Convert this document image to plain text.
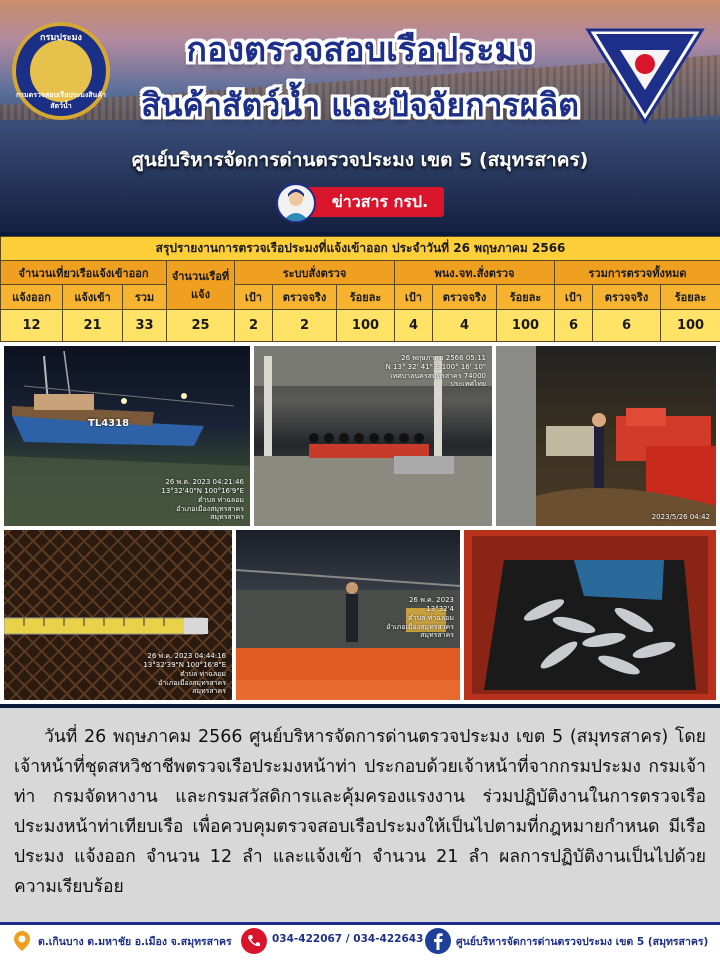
กรมประมง
กรมตรวจสอบเรือประมงสินค้าสัตว์น้ำ
กองตรวจสอบเรือประมง
สินค้าสัตว์น้ำ และปัจจัยการผลิต
ศูนย์บริหารจัดการด่านตรวจประมง เขต 5 (สมุทรสาคร)
ข่าวสาร กรป.
สรุปรายงานการตรวจเรือประมงที่แจ้งเข้าออก ประจำวันที่ 26 พฤษภาคม 2566												
จำนวนเที่ยวเรือแจ้งเข้าออก			จำนวนเรือที่แจ้ง	ระบบสั่งตรวจ			พนง.จท.สั่งตรวจ			รวมการตรวจทั้งหมด		
แจ้งออก	แจ้งเข้า	รวม		เป้า	ตรวจจริง	ร้อยละ	เป้า	ตรวจจริง	ร้อยละ	เป้า	ตรวจจริง	ร้อยละ
12	21	33	25	2	2	100	4	4	100	6	6	100
TL4318
26 พ.ค. 2023 04:21:46
13°32'40"N 100°16'9"E
ตำบล ท่าฉลอม
อำเภอเมืองสมุทรสาคร
สมุทรสาคร
26 พฤษภาคม 2566 05:11
N 13° 32' 41" E 100° 16' 10"
เทศบาลนครสมุทรสาคร 74000
ประเทศไทย
2023/5/26 04:42
26 พ.ค. 2023 04:44:16
13°32'39"N 100°16'8"E
ตำบล ท่าฉลอม
อำเภอเมืองสมุทรสาคร
สมุทรสาคร
26 พ.ค. 2023
13°32'4
ตำบล ท่าฉลอม
อำเภอเมืองสมุทรสาคร
สมุทรสาคร

วันที่ 26 พฤษภาคม 2566 ศูนย์บริหารจัดการด่านตรวจประมง เขต 5 (สมุทรสาคร) โดยเจ้าหน้าที่ชุดสหวิชาชีพตรวจเรือประมงหน้าท่า ประกอบด้วยเจ้าหน้าที่จากกรมประมง กรมเจ้าท่า กรมจัดหางาน และกรมสวัสดิการและคุ้มครองแรงงาน ร่วมปฏิบัติงานในการตรวจเรือประมงหน้าท่าเทียบเรือ เพื่อควบคุมตรวจสอบเรือประมงให้เป็นไปตามที่กฎหมายกำหนด มีเรือประมง แจ้งออก จำนวน 12 ลำ และแจ้งเข้า จำนวน 21 ลำ ผลการปฏิบัติงานเป็นไปด้วยความเรียบร้อย

ต.เกินบาง ต.มหาชัย อ.เมือง จ.สมุทรสาคร	034-422067 / 034-422643	ศูนย์บริหารจัดการด่านตรวจประมง เขต 5 (สมุทรสาคร)
